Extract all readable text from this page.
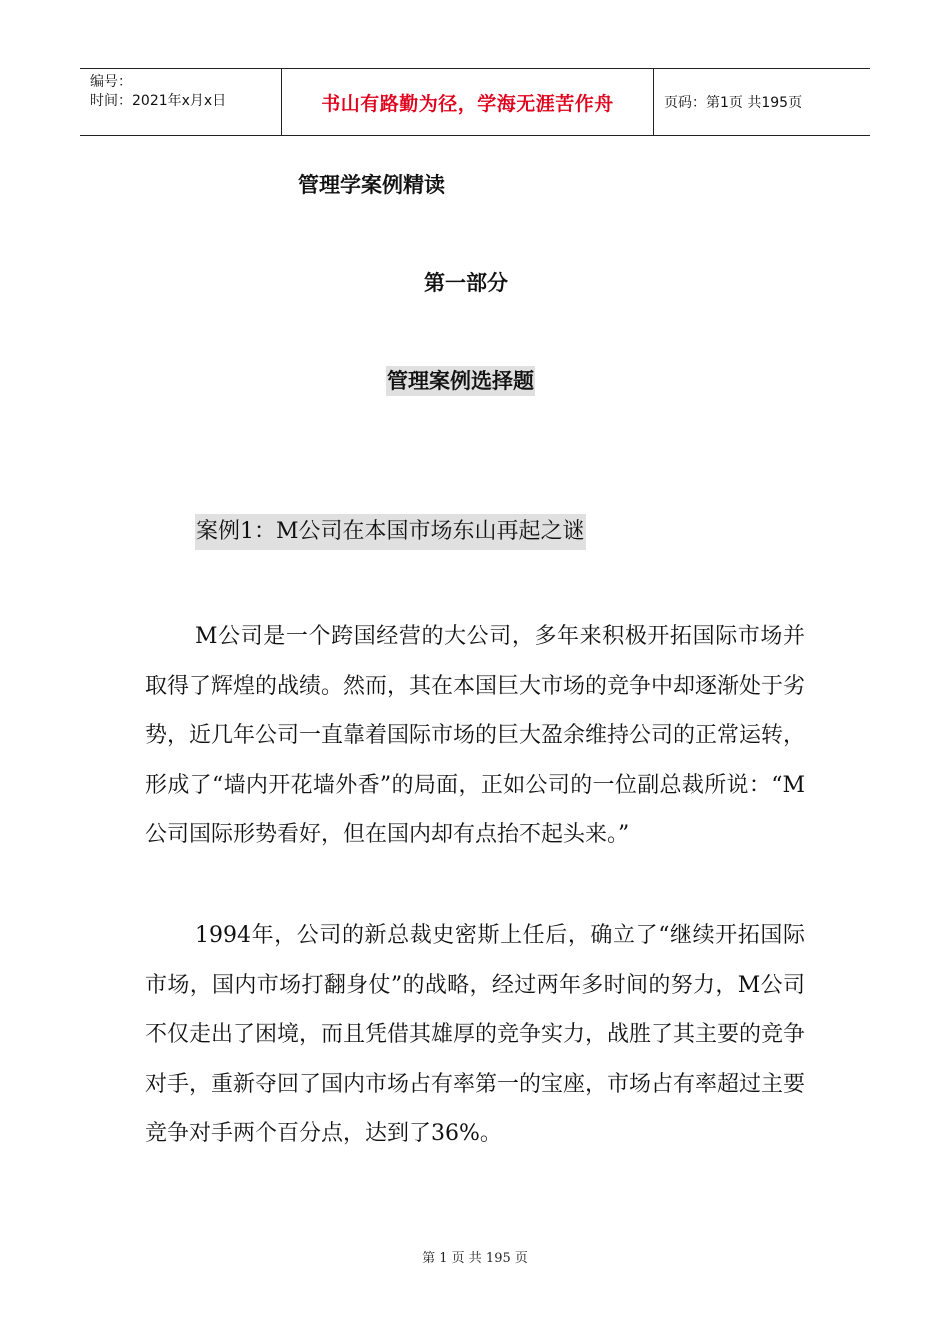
编号：
时间：2021年x月x日	书山有路勤为径，学海无涯苦作舟	页码：第1页 共195页
管理学案例精读
第一部分
管理案例选择题
案例1：M公司在本国市场东山再起之谜

M公司是一个跨国经营的大公司，多年来积极开拓国际市场并取得了辉煌的战绩。然而，其在本国巨大市场的竞争中却逐渐处于劣势，近几年公司一直靠着国际市场的巨大盈余维持公司的正常运转，形成了“墙内开花墙外香”的局面，正如公司的一位副总裁所说：“M公司国际形势看好，但在国内却有点抬不起头来。”

1994年，公司的新总裁史密斯上任后，确立了“继续开拓国际市场，国内市场打翻身仗”的战略，经过两年多时间的努力，M公司不仅走出了困境，而且凭借其雄厚的竞争实力，战胜了其主要的竞争对手，重新夺回了国内市场占有率第一的宝座，市场占有率超过主要竞争对手两个百分点，达到了36%。

第 1 页 共 195 页
